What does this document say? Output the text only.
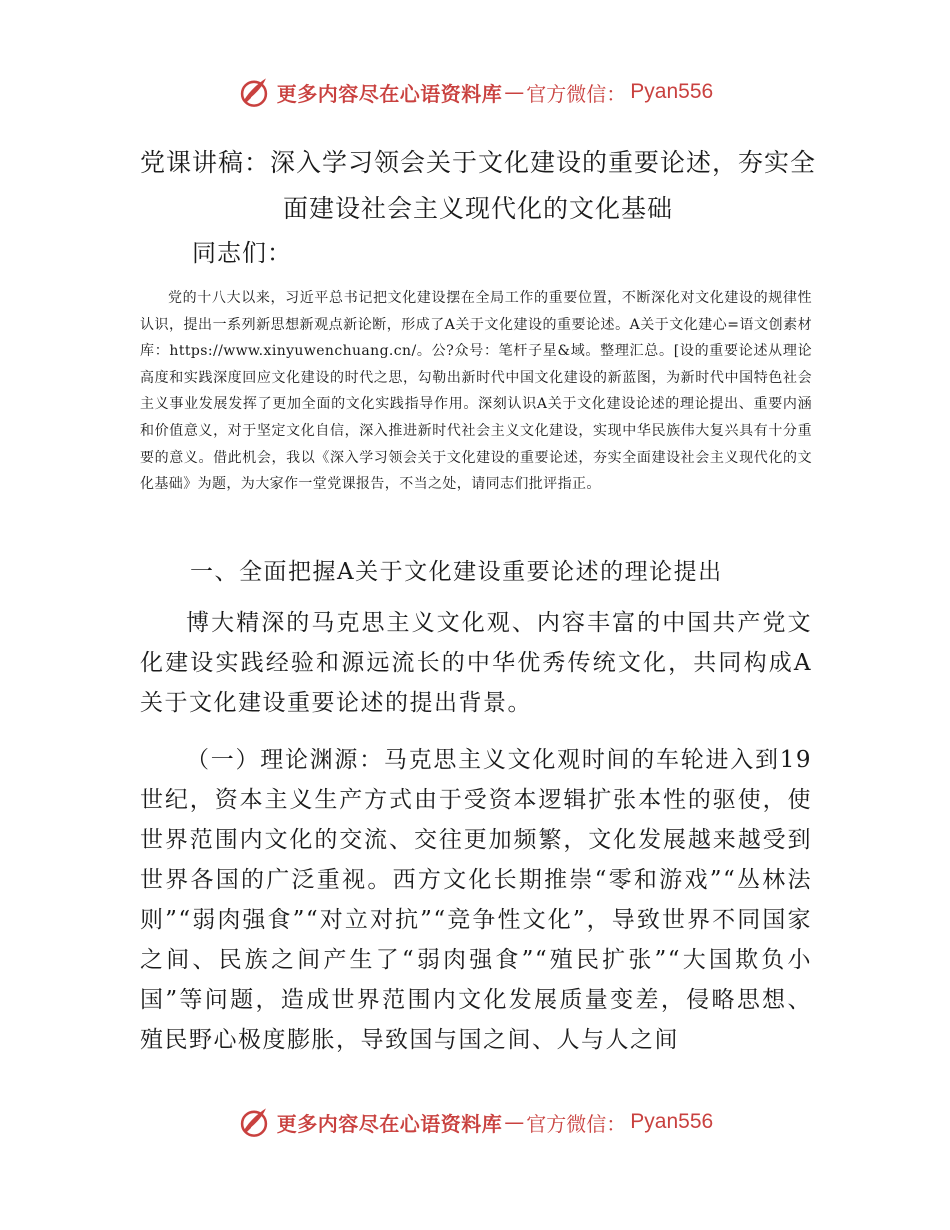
更多内容尽在心语资料库 — 官方微信： Pyan556
党课讲稿：深入学习领会关于文化建设的重要论述，夯实全面建设社会主义现代化的文化基础

同志们：

党的十八大以来，习近平总书记把文化建设摆在全局工作的重要位置，不断深化对文化建设的规律性认识，提出一系列新思想新观点新论断，形成了A关于文化建设的重要论述。A关于文化建心=语文创素材库：https://www.xinyuwenchuang.cn/。公?众号：笔杆子星&域。整理汇总。[设的重要论述从理论高度和实践深度回应文化建设的时代之思，勾勒出新时代中国文化建设的新蓝图，为新时代中国特色社会主义事业发展发挥了更加全面的文化实践指导作用。深刻认识A关于文化建设论述的理论提出、重要内涵和价值意义，对于坚定文化自信，深入推进新时代社会主义文化建设，实现中华民族伟大复兴具有十分重要的意义。借此机会，我以《深入学习领会关于文化建设的重要论述，夯实全面建设社会主义现代化的文化基础》为题，为大家作一堂党课报告，不当之处，请同志们批评指正。

一、全面把握A关于文化建设重要论述的理论提出

博大精深的马克思主义文化观、内容丰富的中国共产党文化建设实践经验和源远流长的中华优秀传统文化，共同构成A关于文化建设重要论述的提出背景。

（一）理论渊源：马克思主义文化观时间的车轮进入到19世纪，资本主义生产方式由于受资本逻辑扩张本性的驱使，使世界范围内文化的交流、交往更加频繁，文化发展越来越受到世界各国的广泛重视。西方文化长期推崇“零和游戏”“丛林法则”“弱肉强食”“对立对抗”“竞争性文化”，导致世界不同国家之间、民族之间产生了“弱肉强食”“殖民扩张”“大国欺负小国”等问题，造成世界范围内文化发展质量变差，侵略思想、殖民野心极度膨胀，导致国与国之间、人与人之间

更多内容尽在心语资料库 — 官方微信： Pyan556
